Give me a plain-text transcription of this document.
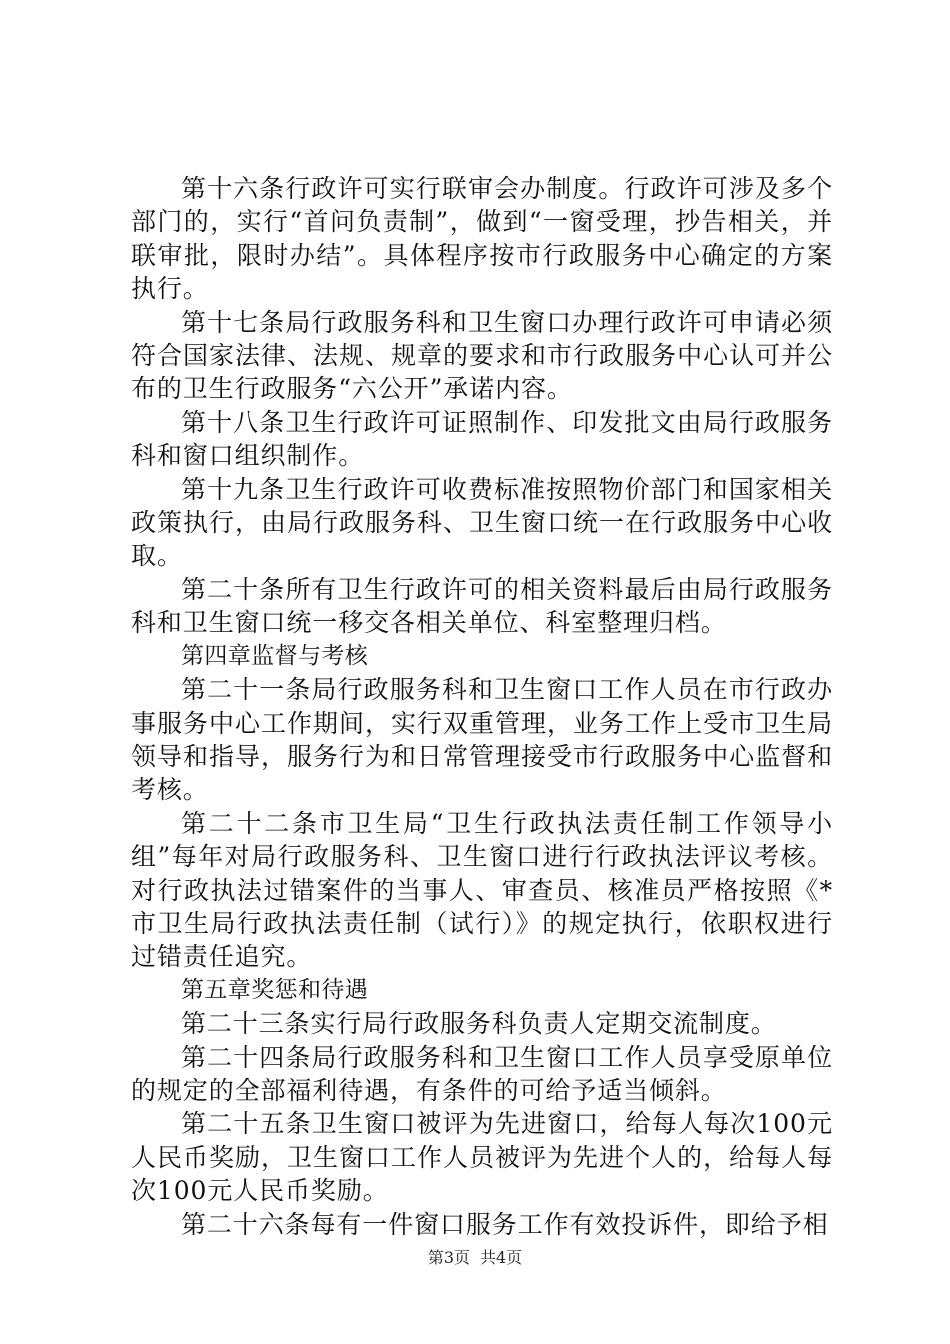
第十六条行政许可实行联审会办制度。行政许可涉及多个部门的，实行“首问负责制”，做到“一窗受理，抄告相关，并联审批，限时办结”。具体程序按市行政服务中心确定的方案执行。

第十七条局行政服务科和卫生窗口办理行政许可申请必须符合国家法律、法规、规章的要求和市行政服务中心认可并公布的卫生行政服务“六公开”承诺内容。

第十八条卫生行政许可证照制作、印发批文由局行政服务科和窗口组织制作。

第十九条卫生行政许可收费标准按照物价部门和国家相关政策执行，由局行政服务科、卫生窗口统一在行政服务中心收取。

第二十条所有卫生行政许可的相关资料最后由局行政服务科和卫生窗口统一移交各相关单位、科室整理归档。

第四章监督与考核

第二十一条局行政服务科和卫生窗口工作人员在市行政办事服务中心工作期间，实行双重管理，业务工作上受市卫生局领导和指导，服务行为和日常管理接受市行政服务中心监督和考核。

第二十二条市卫生局“卫生行政执法责任制工作领导小组”每年对局行政服务科、卫生窗口进行行政执法评议考核。对行政执法过错案件的当事人、审查员、核准员严格按照《*市卫生局行政执法责任制（试行）》的规定执行，依职权进行过错责任追究。

第五章奖惩和待遇

第二十三条实行局行政服务科负责人定期交流制度。

第二十四条局行政服务科和卫生窗口工作人员享受原单位的规定的全部福利待遇，有条件的可给予适当倾斜。

第二十五条卫生窗口被评为先进窗口，给每人每次100元人民币奖励，卫生窗口工作人员被评为先进个人的，给每人每次100元人民币奖励。

第二十六条每有一件窗口服务工作有效投诉件，即给予相

第3页 共4页
